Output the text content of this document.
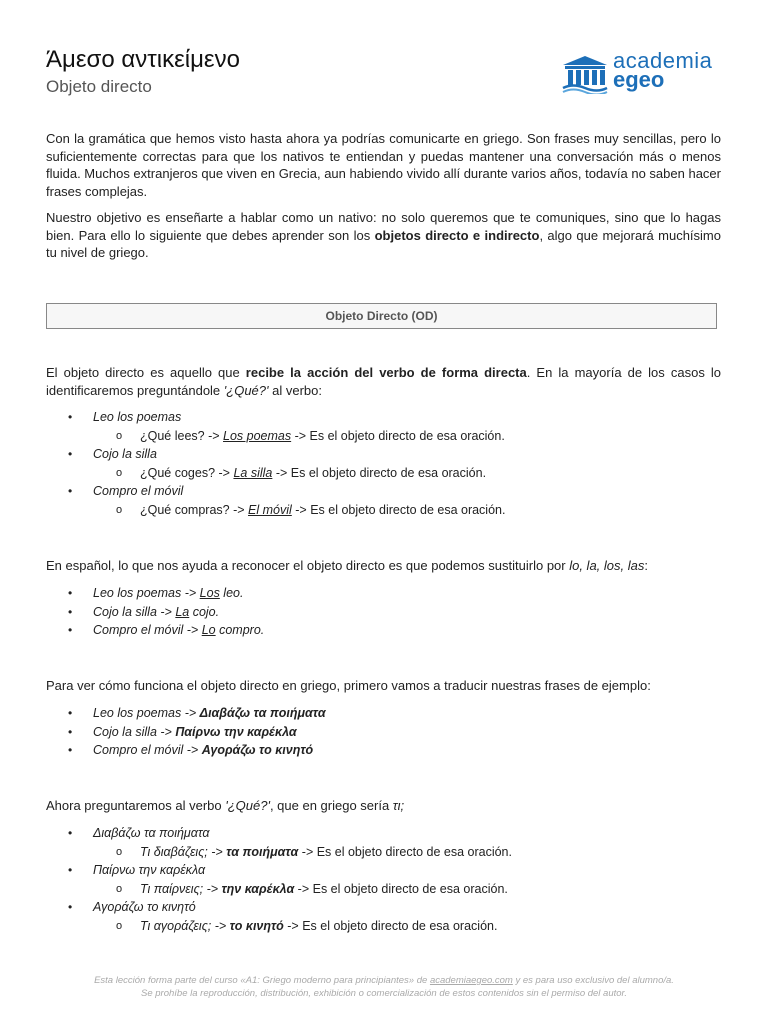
Άμεσο αντικείμενο
Objeto directo
academia
egeo
Con la gramática que hemos visto hasta ahora ya podrías comunicarte en griego. Son frases muy sencillas, pero lo suficientemente correctas para que los nativos te entiendan y puedas mantener una conversación más o menos fluida. Muchos extranjeros que viven en Grecia, aun habiendo vivido allí durante varios años, todavía no saben hacer frases complejas.
Nuestro objetivo es enseñarte a hablar como un nativo: no solo queremos que te comuniques, sino que lo hagas bien. Para ello lo siguiente que debes aprender son los objetos directo e indirecto, algo que mejorará muchísimo tu nivel de griego.
Objeto Directo (OD)
El objeto directo es aquello que recibe la acción del verbo de forma directa. En la mayoría de los casos lo identificaremos preguntándole '¿Qué?' al verbo:
• Leo los poemas
o ¿Qué lees? -> Los poemas -> Es el objeto directo de esa oración.
• Cojo la silla
o ¿Qué coges? -> La silla -> Es el objeto directo de esa oración.
• Compro el móvil
o ¿Qué compras? -> El móvil -> Es el objeto directo de esa oración.
En español, lo que nos ayuda a reconocer el objeto directo es que podemos sustituirlo por lo, la, los, las:
• Leo los poemas -> Los leo.
• Cojo la silla -> La cojo.
• Compro el móvil -> Lo compro.
Para ver cómo funciona el objeto directo en griego, primero vamos a traducir nuestras frases de ejemplo:
• Leo los poemas -> Διαβάζω τα ποιήματα
• Cojo la silla -> Παίρνω την καρέκλα
• Compro el móvil -> Αγοράζω το κινητό
Ahora preguntaremos al verbo '¿Qué?', que en griego sería τι;
• Διαβάζω τα ποιήματα
o Τι διαβάζεις; -> τα ποιήματα -> Es el objeto directo de esa oración.
• Παίρνω την καρέκλα
o Τι παίρνεις; -> την καρέκλα -> Es el objeto directo de esa oración.
• Αγοράζω το κινητό
o Τι αγοράζεις; -> το κινητό -> Es el objeto directo de esa oración.
Esta lección forma parte del curso «A1: Griego moderno para principiantes» de academiaegeo.com y es para uso exclusivo del alumno/a.
Se prohíbe la reproducción, distribución, exhibición o comercialización de estos contenidos sin el permiso del autor.
